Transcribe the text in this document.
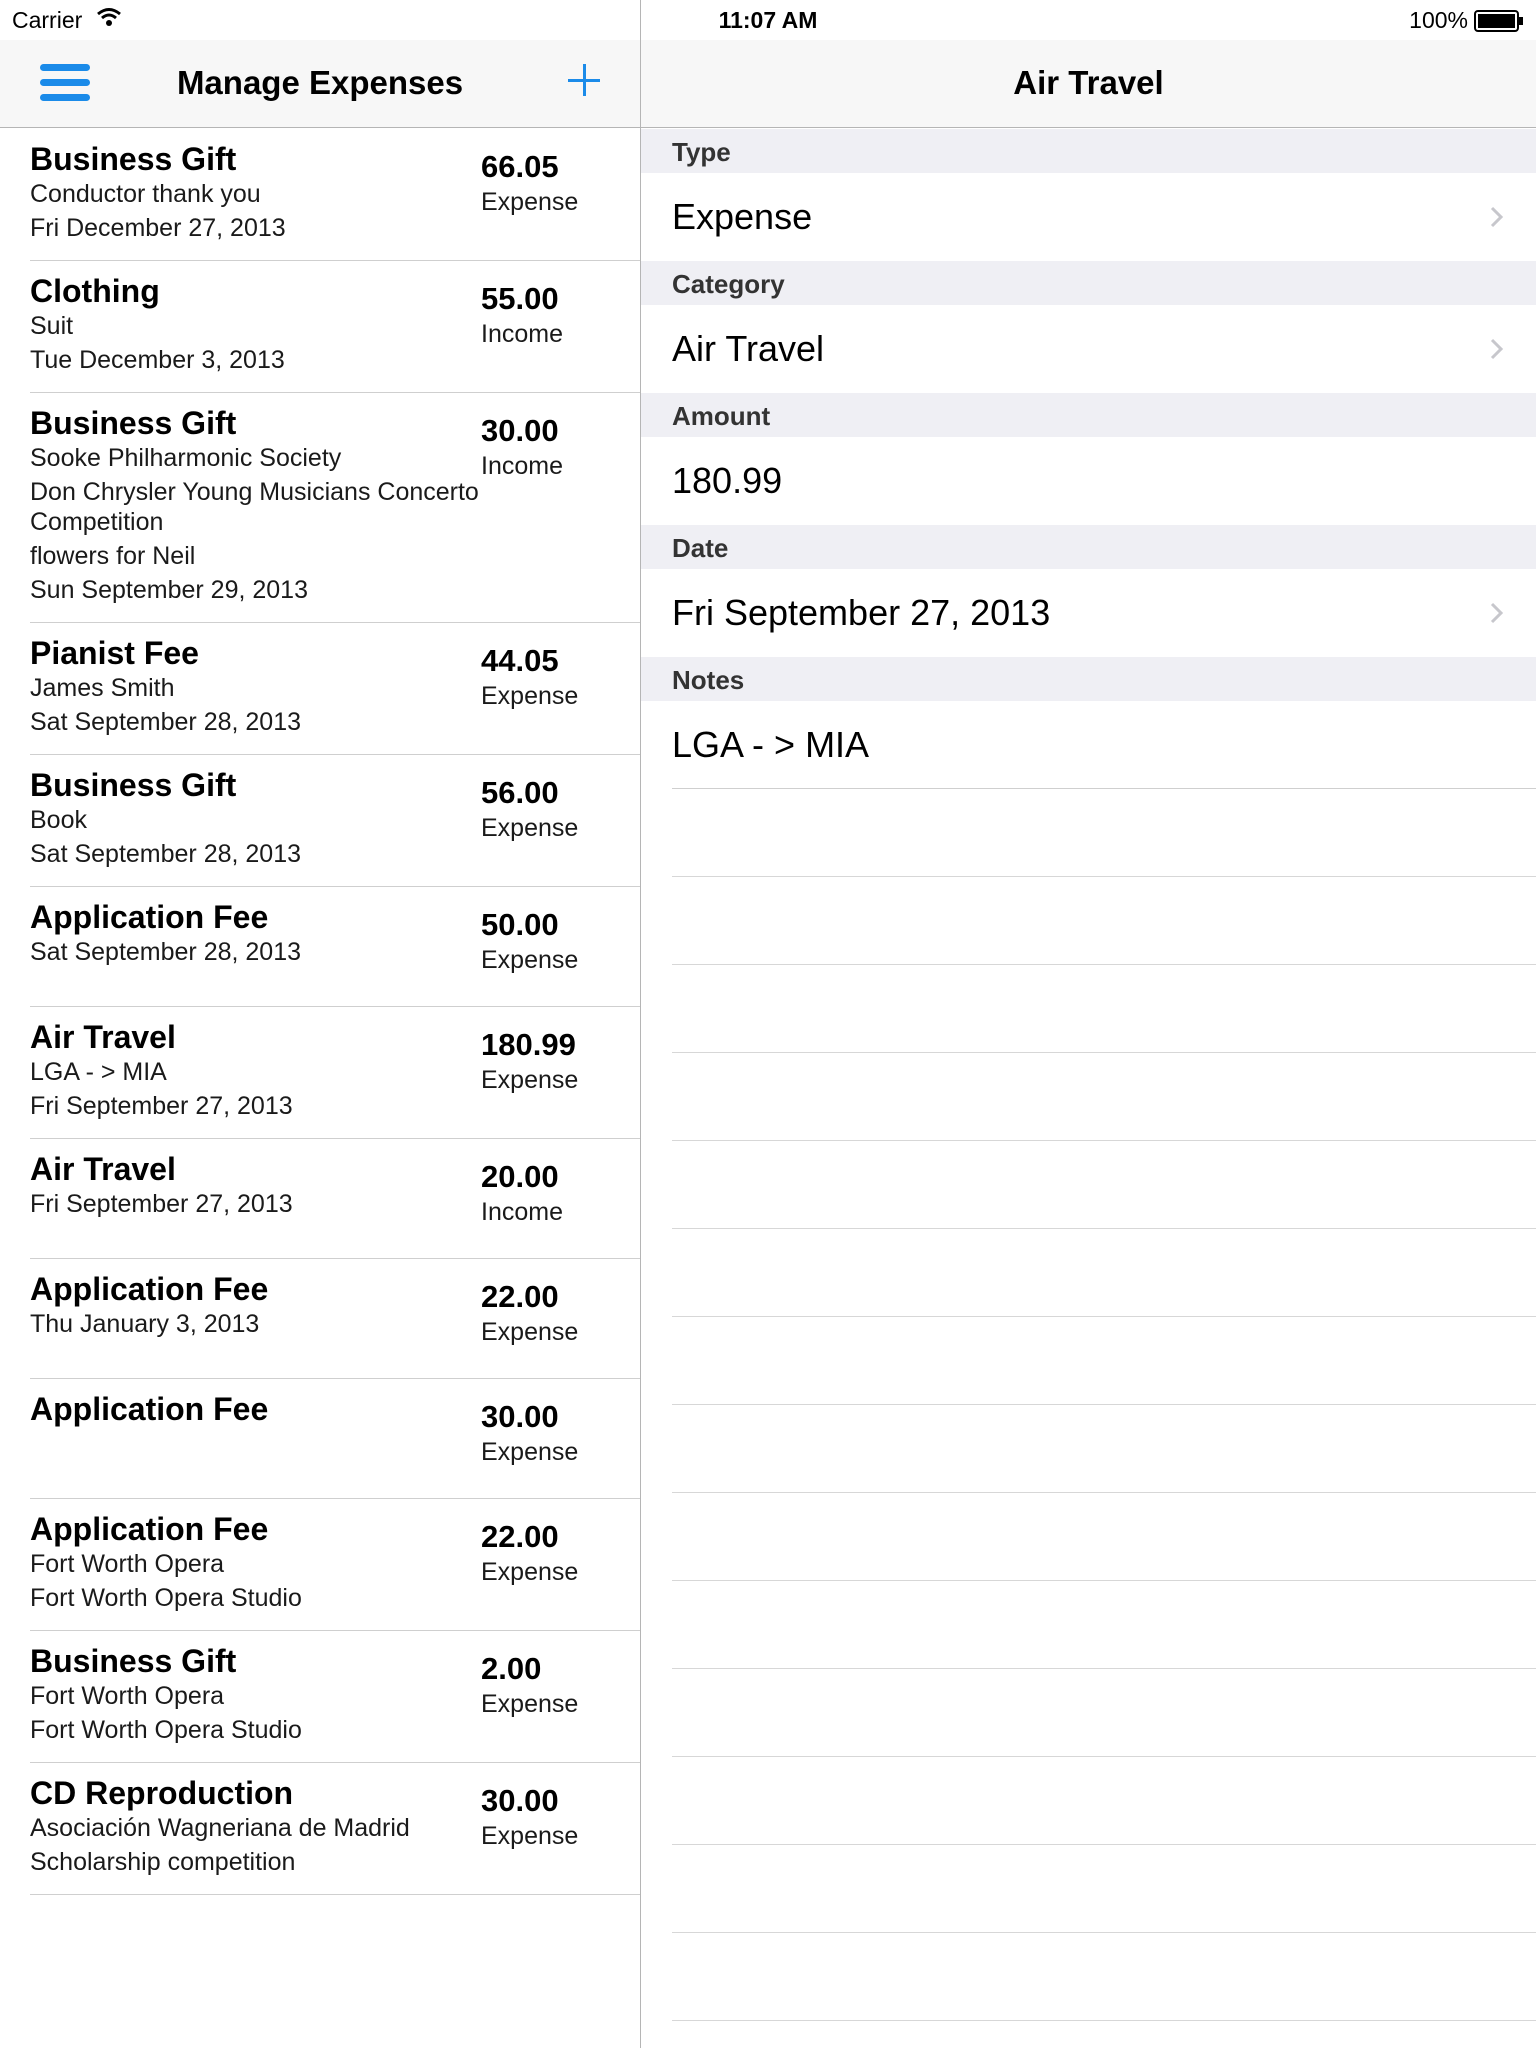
Carrier	11:07 AM	100%
Manage Expenses
Business Gift
Conductor thank you
Fri December 27, 2013
66.05
Expense
Clothing
Suit
Tue December 3, 2013
55.00
Income
Business Gift
Sooke Philharmonic Society
Don Chrysler Young Musicians Concerto Competition
flowers for Neil
Sun September 29, 2013
30.00
Income
Pianist Fee
James Smith
Sat September 28, 2013
44.05
Expense
Business Gift
Book
Sat September 28, 2013
56.00
Expense
Application Fee
Sat September 28, 2013
50.00
Expense
Air Travel
LGA - > MIA
Fri September 27, 2013
180.99
Expense
Air Travel
Fri September 27, 2013
20.00
Income
Application Fee
Thu January 3, 2013
22.00
Expense
Application Fee	30.00
Expense
Application Fee
Fort Worth Opera
Fort Worth Opera Studio
22.00
Expense
Business Gift
Fort Worth Opera
Fort Worth Opera Studio
2.00
Expense
CD Reproduction
Asociación Wagneriana de Madrid
Scholarship competition
30.00
Expense
Air Travel
Type
Expense
Category
Air Travel
Amount
180.99
Date
Fri September 27, 2013
Notes
LGA - > MIA
